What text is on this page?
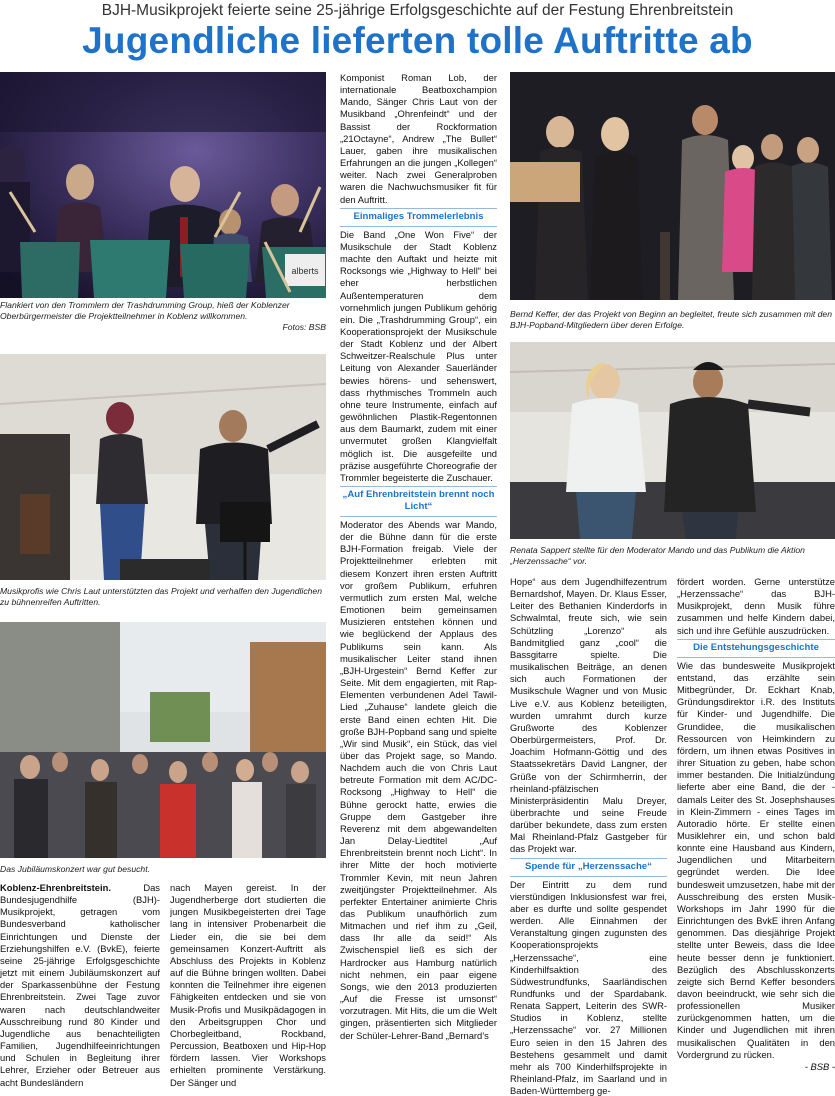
BJH-Musikprojekt feierte seine 25-jährige Erfolgsgeschichte auf der Festung Ehrenbreitstein
Jugendliche lieferten tolle Auftritte ab
alberts
Flankiert von den Trommlern der Trashdrumming Group, hieß der Koblenzer Oberbürgermeister die Projektteilnehmer in Koblenz willkommen.
Fotos: BSB
Musikprofis wie Chris Laut unterstützten das Projekt und verhalfen den Jugendlichen zu bühnenreifen Auftritten.
Das Jubiläumskonzert war gut besucht.

Koblenz-Ehrenbreitstein.	Das Bundesjugendhilfe (BJH)-Musikprojekt, getragen vom Bundesverband katholischer Einrichtungen und Dienste der Erziehungshilfen e.V. (BvkE), feierte seine 25-jährige Erfolgsgeschichte jetzt mit einem Jubiläumskonzert auf der Sparkassenbühne der Festung Ehrenbreitstein. Zwei Tage zuvor waren nach deutschlandweiter Ausschreibung rund 80 Kinder und Jugendliche aus benachteiligten Familien, Jugendhilfeeinrichtungen und Schulen in Begleitung ihrer Lehrer, Erzieher oder Betreuer aus acht Bundesländern

nach Mayen gereist. In der Jugendherberge dort studierten die jungen Musikbegeisterten drei Tage lang in intensiver Probenarbeit die Lieder ein, die sie bei dem gemeinsamen Konzert-Auftritt als Abschluss des Projekts in Koblenz auf die Bühne bringen wollten. Dabei konnten die Teilnehmer ihre eigenen Fähigkeiten entdecken und sie von Musik-Profis und Musikpädagogen in den Arbeitsgruppen Chor und Chorbegleitband, Rockband, Percussion, Beatboxen und Hip-Hop fördern lassen. Vier Workshops erhielten prominente Verstärkung. Der Sänger und

Komponist Roman Lob, der internationale Beatboxchampion Mando, Sänger Chris Laut von der Musikband „Ohrenfeindt“ und der Bassist der Rockformation „21Octayne“, Andrew „The Bullet“ Lauer, gaben ihre musikalischen Erfahrungen an die jungen „Kollegen“ weiter. Nach zwei Generalproben waren die Nachwuchsmusiker fit für den Auftritt.

Einmaliges Trommelerlebnis

Die Band „One Won Five“ der Musikschule der Stadt Koblenz machte den Auftakt und heizte mit Rocksongs wie „Highway to Hell“ bei eher herbstlichen Außentemperaturen dem vornehmlich jungen Publikum gehörig ein. Die „Trashdrumming Group“, ein Kooperationsprojekt der Musikschule der Stadt Koblenz und der Albert Schweitzer-Realschule Plus unter Leitung von Alexander Sauerländer bewies hörens- und sehenswert, dass rhythmisches Trommeln auch ohne teure Instrumente, einfach auf gewöhnlichen Plastik-Regentonnen aus dem Baumarkt, zudem mit einer unvermutet großen Klangvielfalt möglich ist. Die ausgefeilte und präzise ausgeführte Choreografie der Trommler begeisterte die Zuschauer.

„Auf Ehrenbreitstein brennt noch Licht“

Moderator des Abends war Mando, der die Bühne dann für die erste BJH-Formation freigab. Viele der Projektteilnehmer erlebten mit diesem Konzert ihren ersten Auftritt vor großem Publikum, erfuhren vermutlich zum ersten Mal, welche Emotionen beim gemeinsamen Musizieren entstehen können und wie beglückend der Applaus des Publikums sein kann. Als musikalischer Leiter stand ihnen „BJH-Urgestein“ Bernd Keffer zur Seite. Mit dem engagierten, mit Rap-Elementen verbundenen Adel Tawil-Lied „Zuhause“ landete gleich die erste Band einen echten Hit. Die große BJH-Popband sang und spielte „Wir sind Musik“, ein Stück, das viel über das Projekt sage, so Mando. Nachdem auch die von Chris Laut betreute Formation mit dem AC/DC-Rocksong „Highway to Hell“ die Bühne gerockt hatte, erwies die Gruppe dem Gastgeber ihre Reverenz mit dem abgewandelten Jan Delay-Liedtitel „Auf Ehrenbreitstein brennt noch Licht“. In ihrer Mitte der hoch motivierte Trommler Kevin, mit neun Jahren zweitjüngster Projektteilnehmer. Als perfekter Entertainer animierte Chris das Publikum unaufhörlich zum Mitmachen und rief ihm zu „Geil, dass Ihr alle da seid!“ Als Zwischenspiel ließ es sich der Hardrocker aus Hamburg natürlich nicht nehmen, ein paar eigene Songs, wie den 2013 produzierten „Auf die Fresse ist umsonst“ vorzutragen. Mit Hits, die um die Welt gingen, präsentierten sich Mitglieder der Schüler-Lehrer-Band „Bernard’s

Bernd Keffer, der das Projekt von Beginn an begleitet, freute sich zusammen mit den BJH-Popband-Mitgliedern über deren Erfolge.
Renata Sappert stellte für den Moderator Mando und das Publikum die Aktion „Herzenssache“ vor.

Hope“ aus dem Jugendhilfezentrum Bernardshof, Mayen. Dr. Klaus Esser, Leiter des Bethanien Kinderdorfs in Schwalmtal, freute sich, wie sein Schützling „Lorenzo“ als Bandmitglied ganz „cool“ die Bassgitarre spielte. Die musikalischen Beiträge, an denen sich auch Formationen der Musikschule Wagner und von Music Live e.V. aus Koblenz beteiligten, wurden umrahmt durch kurze Grußworte des Koblenzer Oberbürgermeisters, Prof. Dr. Joachim Hofmann-Göttig und des Staatssekretärs David Langner, der Grüße von der Schirmherrin, der rheinland-pfälzischen Ministerpräsidentin Malu Dreyer, überbrachte und seine Freude darüber bekundete, dass zum ersten Mal Rheinland-Pfalz Gastgeber für das Projekt war.

Spende für „Herzenssache“

Der Eintritt zu dem rund vierstündigen Inklusionsfest war frei, aber es durfte und sollte gespendet werden. Alle Einnahmen der Veranstaltung gingen zugunsten des Kooperationsprojekts „Herzenssache“, eine Kinderhilfsaktion des Südwestrundfunks, Saarländischen Rundfunks und der Spardabank. Renata Sappert, Leiterin des SWR-Studios in Koblenz, stellte „Herzenssache“ vor. 27 Millionen Euro seien in den 15 Jahren des Bestehens gesammelt und damit mehr als 700 Kinderhilfsprojekte in Rheinland-Pfalz, im Saarland und in Baden-Württemberg ge-

fördert worden. Gerne unterstütze „Herzenssache“ das BJH-Musikprojekt, denn Musik führe zusammen und helfe Kindern dabei, sich und ihre Gefühle auszudrücken.

Die Entstehungsgeschichte

Wie das bundesweite Musikprojekt entstand, das erzählte sein Mitbegründer, Dr. Eckhart Knab, Gründungsdirektor i.R. des Instituts für Kinder- und Jugendhilfe. Die Grundidee, die musikalischen Ressourcen von Heimkindern zu fördern, um ihnen etwas Positives in ihrer Situation zu geben, habe schon immer bestanden. Die Initialzündung lieferte aber eine Band, die der - damals Leiter des St. Josephshauses in Klein-Zimmern - eines Tages im Autoradio hörte. Er stellte einen Musiklehrer ein, und schon bald konnte eine Hausband aus Kindern, Jugendlichen und Mitarbeitern gegründet werden. Die Idee bundesweit umzusetzen, habe mit der Ausschreibung des ersten Musik-Workshops im Jahr 1990 für die Einrichtungen des BvkE ihren Anfang genommen. Das diesjährige Projekt stellte unter Beweis, dass die Idee heute besser denn je funktioniert. Bezüglich des Abschlusskonzerts zeigte sich Bernd Keffer besonders davon beeindruckt, wie sehr sich die professionellen Musiker zurückgenommen hatten, um die Kinder und Jugendlichen mit ihren musikalischen Qualitäten in den Vordergrund zu rücken.
- BSB -
